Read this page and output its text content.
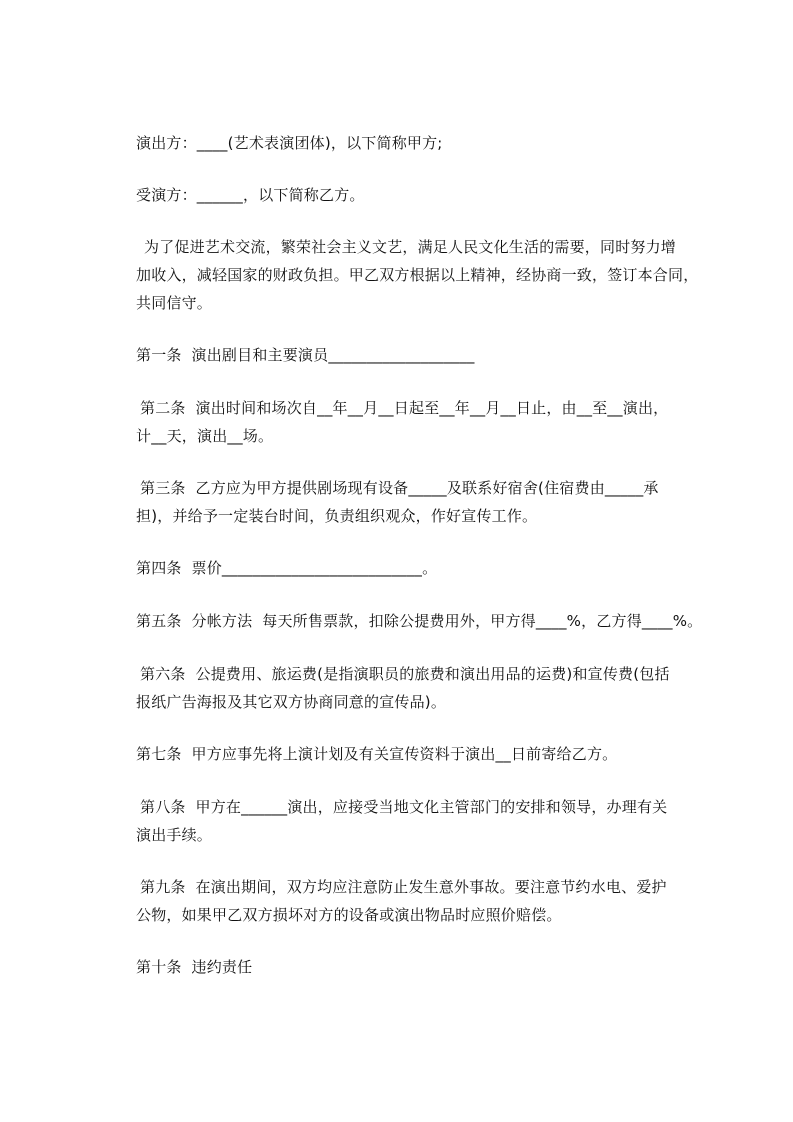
演出方：____(艺术表演团体)，以下简称甲方;
受演方：______，以下简称乙方。
为了促进艺术交流，繁荣社会主义文艺，满足人民文化生活的需要，同时努力增
加收入，减轻国家的财政负担。甲乙双方根据以上精神，经协商一致，签订本合同，
共同信守。
第一条  演出剧目和主要演员___________________
第二条  演出时间和场次自__年__月__日起至__年__月__日止，由__至__演出，
计__天，演出__场。
第三条  乙方应为甲方提供剧场现有设备_____及联系好宿舍(住宿费由_____承
担)，并给予一定装台时间，负责组织观众，作好宣传工作。
第四条  票价__________________________。
第五条  分帐方法  每天所售票款，扣除公提费用外，甲方得____%，乙方得____%。
第六条  公提费用、旅运费(是指演职员的旅费和演出用品的运费)和宣传费(包括
报纸广告海报及其它双方协商同意的宣传品)。
第七条  甲方应事先将上演计划及有关宣传资料于演出__日前寄给乙方。
第八条  甲方在______演出，应接受当地文化主管部门的安排和领导，办理有关
演出手续。
第九条  在演出期间，双方均应注意防止发生意外事故。要注意节约水电、爱护
公物，如果甲乙双方损坏对方的设备或演出物品时应照价赔偿。
第十条  违约责任
